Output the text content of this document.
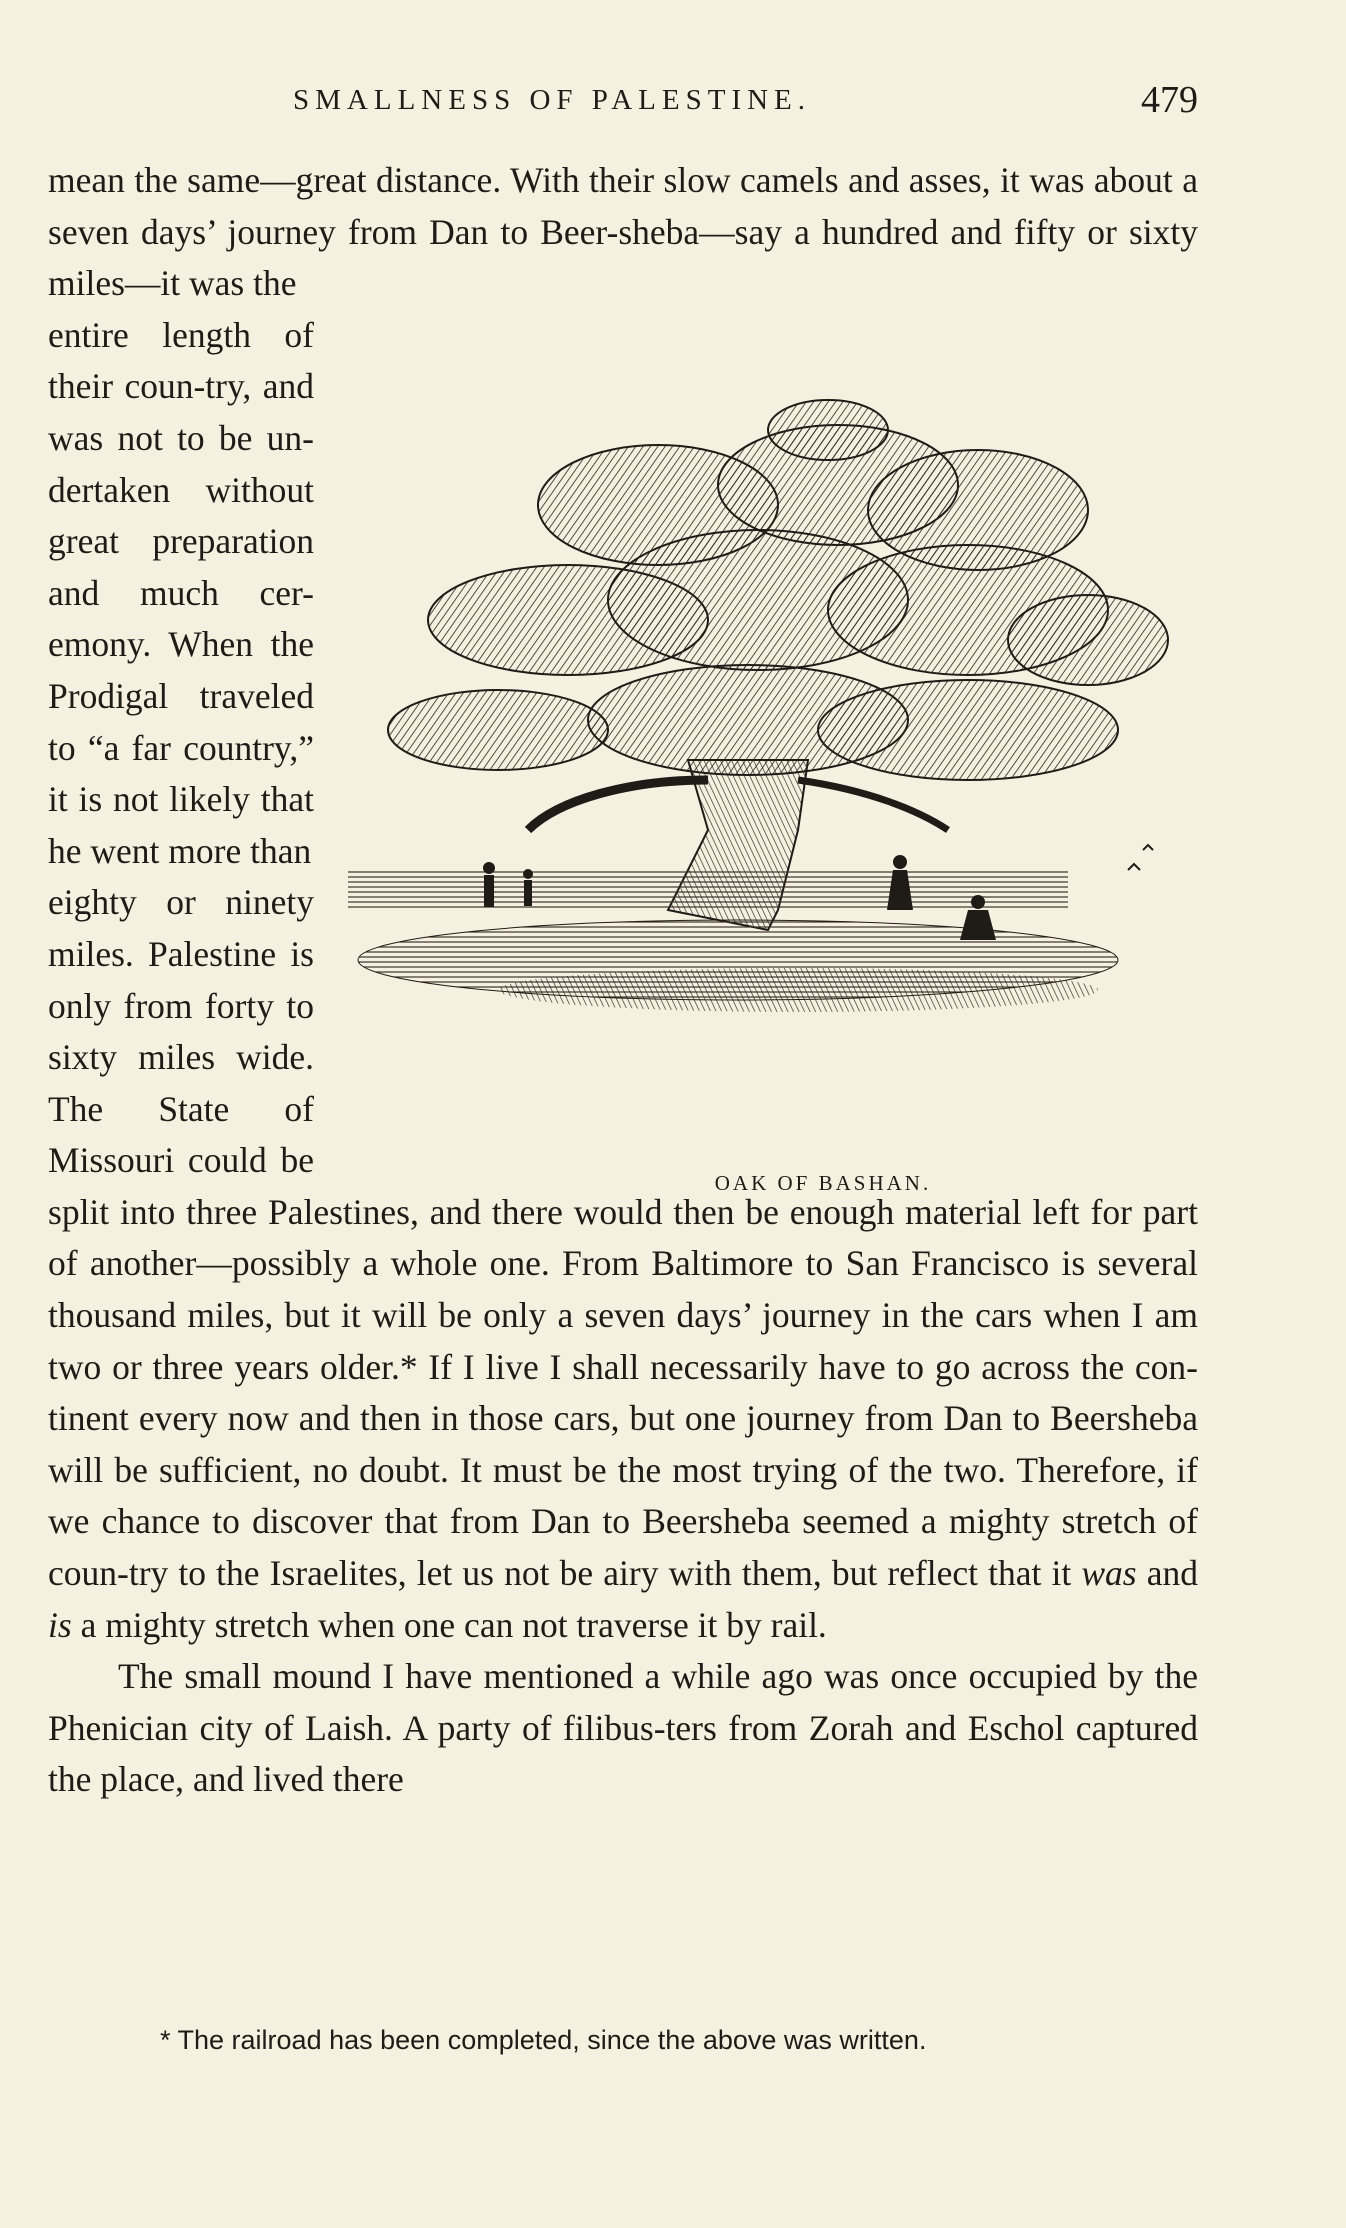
SMALLNESS OF PALESTINE.	479

mean the same—great distance. With their slow camels and asses, it was about a seven days’ journey from Dan to Beer-sheba—say a hundred and fifty or sixty miles—it was the

OAK OF BASHAN.

entire length of their coun-try, and was not to be un-dertaken without great preparation and much cer-emony. When the Prodigal traveled to “a far country,” it is not likely that he went more than

eighty or ninety miles. Palestine is only from forty to sixty miles wide. The State of Missouri could be split into three Palestines, and there would then be enough material left for part of another—possibly a whole one. From Baltimore to San Francisco is several thousand miles, but it will be only a seven days’ journey in the cars when I am two or three years older.* If I live I shall necessarily have to go across the con-tinent every now and then in those cars, but one journey from Dan to Beersheba will be sufficient, no doubt. It must be the most trying of the two. Therefore, if we chance to discover that from Dan to Beersheba seemed a mighty stretch of coun-try to the Israelites, let us not be airy with them, but reflect that it was and is a mighty stretch when one can not traverse it by rail.

The small mound I have mentioned a while ago was once occupied by the Phenician city of Laish. A party of filibus-ters from Zorah and Eschol captured the place, and lived there

* The railroad has been completed, since the above was written.
